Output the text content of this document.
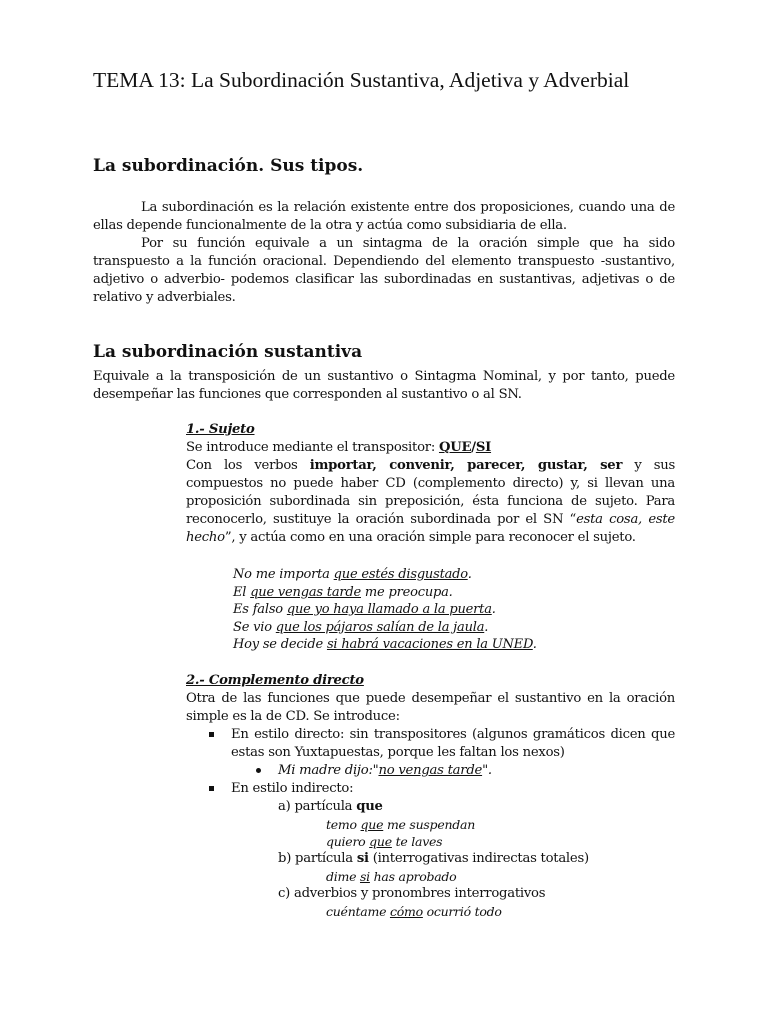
TEMA 13: La Subordinación Sustantiva, Adjetiva y Adverbial
La subordinación. Sus tipos.

La subordinación es la relación existente entre dos proposiciones, cuando una de ellas depende funcionalmente de la otra y actúa como subsidiaria de ella.

Por su función equivale a un sintagma de la oración simple que ha sido transpuesto a la función oracional. Dependiendo del elemento transpuesto -sustantivo, adjetivo o adverbio- podemos clasificar las subordinadas en sustantivas, adjetivas o de relativo y adverbiales.

La subordinación sustantiva

Equivale a la transposición de un sustantivo o Sintagma Nominal, y por tanto, puede desempeñar las funciones que corresponden al sustantivo o al SN.

1.- Sujeto

Se introduce mediante el transpositor: QUE/SI

Con los verbos importar, convenir, parecer, gustar, ser y sus compuestos no puede haber CD (complemento directo) y, si llevan una proposición subordinada sin preposición, ésta funciona de sujeto. Para reconocerlo, sustituye la oración subordinada por el SN “esta cosa, este hecho”, y actúa como en una oración simple para reconocer el sujeto.

No me importa que estés disgustado.

El que vengas tarde me preocupa.

Es falso que yo haya llamado a la puerta.

Se vio que los pájaros salían de la jaula.

Hoy se decide si habrá vacaciones en la UNED.

2.- Complemento directo

Otra de las funciones que puede desempeñar el sustantivo en la oración simple es la de CD. Se introduce:

En estilo directo: sin transpositores (algunos gramáticos dicen que estas son Yuxtapuestas, porque les faltan los nexos)

Mi madre dijo:"no vengas tarde".

En estilo indirecto:

a) partícula que

temo que me suspendan

quiero que te laves

b) partícula si (interrogativas indirectas totales)

dime si has aprobado

c) adverbios y pronombres interrogativos

cuéntame cómo ocurrió todo
